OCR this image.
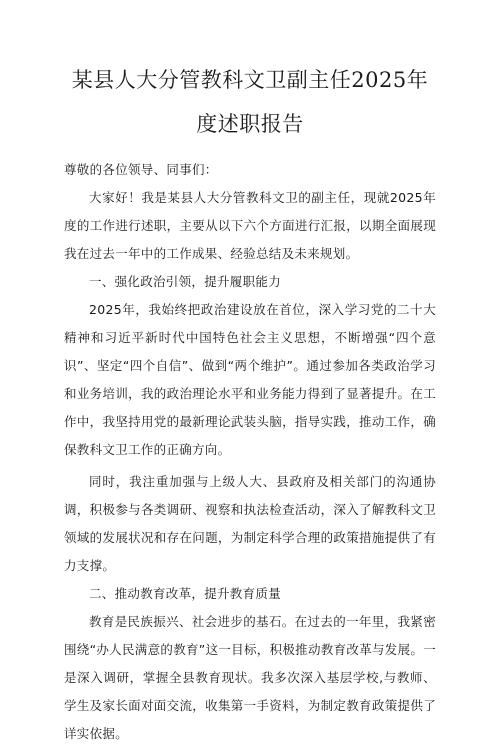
某县人大分管教科文卫副主任2025年
度述职报告

尊敬的各位领导、同事们：

大家好！我是某县人大分管教科文卫的副主任，现就2025年度的工作进行述职，主要从以下六个方面进行汇报，以期全面展现我在过去一年中的工作成果、经验总结及未来规划。

一、强化政治引领，提升履职能力

2025年，我始终把政治建设放在首位，深入学习党的二十大精神和习近平新时代中国特色社会主义思想，不断增强“四个意识”、坚定“四个自信”、做到“两个维护”。通过参加各类政治学习和业务培训，我的政治理论水平和业务能力得到了显著提升。在工作中，我坚持用党的最新理论武装头脑，指导实践，推动工作，确保教科文卫工作的正确方向。

同时，我注重加强与上级人大、县政府及相关部门的沟通协调，积极参与各类调研、视察和执法检查活动，深入了解教科文卫领域的发展状况和存在问题，为制定科学合理的政策措施提供了有力支撑。

二、推动教育改革，提升教育质量

教育是民族振兴、社会进步的基石。在过去的一年里，我紧密围绕“办人民满意的教育”这一目标，积极推动教育改革与发展。一是深入调研，掌握全县教育现状。我多次深入基层学校,与教师、学生及家长面对面交流，收集第一手资料，为制定教育政策提供了详实依据。
